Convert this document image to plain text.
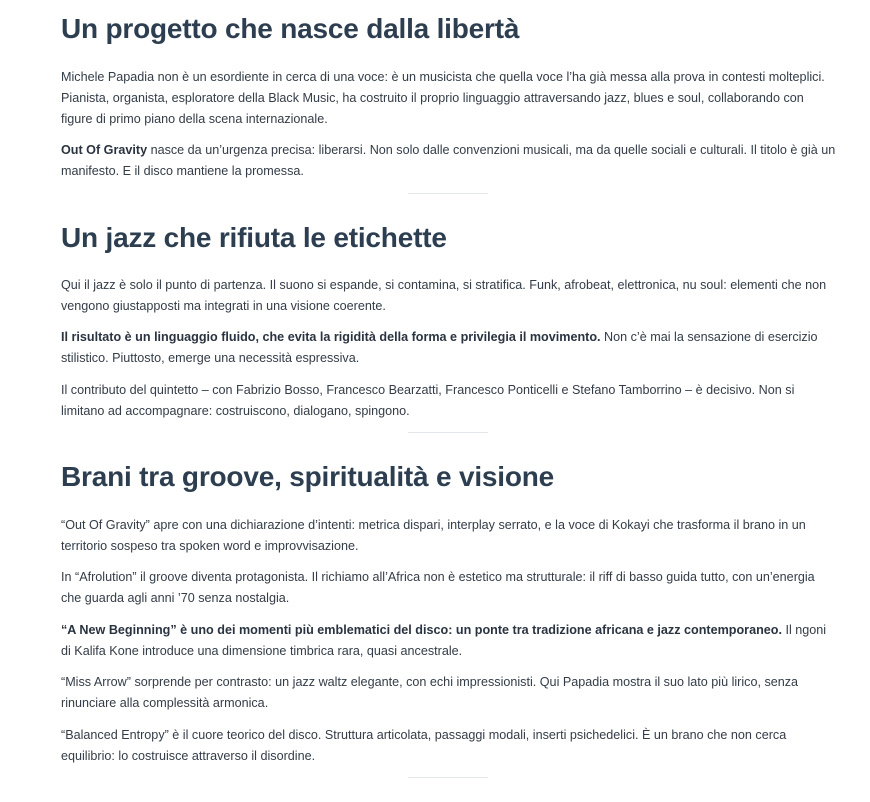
Un progetto che nasce dalla libertà

Michele Papadia non è un esordiente in cerca di una voce: è un musicista che quella voce l’ha già messa alla prova in contesti molteplici. Pianista, organista, esploratore della Black Music, ha costruito il proprio linguaggio attraversando jazz, blues e soul, collaborando con figure di primo piano della scena internazionale.

Out Of Gravity nasce da un’urgenza precisa: liberarsi. Non solo dalle convenzioni musicali, ma da quelle sociali e culturali. Il titolo è già un manifesto. E il disco mantiene la promessa.

Un jazz che rifiuta le etichette

Qui il jazz è solo il punto di partenza. Il suono si espande, si contamina, si stratifica. Funk, afrobeat, elettronica, nu soul: elementi che non vengono giustapposti ma integrati in una visione coerente.

Il risultato è un linguaggio fluido, che evita la rigidità della forma e privilegia il movimento. Non c’è mai la sensazione di esercizio stilistico. Piuttosto, emerge una necessità espressiva.

Il contributo del quintetto – con Fabrizio Bosso, Francesco Bearzatti, Francesco Ponticelli e Stefano Tamborrino – è decisivo. Non si limitano ad accompagnare: costruiscono, dialogano, spingono.

Brani tra groove, spiritualità e visione

“Out Of Gravity” apre con una dichiarazione d’intenti: metrica dispari, interplay serrato, e la voce di Kokayi che trasforma il brano in un territorio sospeso tra spoken word e improvvisazione.

In “Afrolution” il groove diventa protagonista. Il richiamo all’Africa non è estetico ma strutturale: il riff di basso guida tutto, con un’energia che guarda agli anni ’70 senza nostalgia.

“A New Beginning” è uno dei momenti più emblematici del disco: un ponte tra tradizione africana e jazz contemporaneo. Il ngoni di Kalifa Kone introduce una dimensione timbrica rara, quasi ancestrale.

“Miss Arrow” sorprende per contrasto: un jazz waltz elegante, con echi impressionisti. Qui Papadia mostra il suo lato più lirico, senza rinunciare alla complessità armonica.

“Balanced Entropy” è il cuore teorico del disco. Struttura articolata, passaggi modali, inserti psichedelici. È un brano che non cerca equilibrio: lo costruisce attraverso il disordine.
